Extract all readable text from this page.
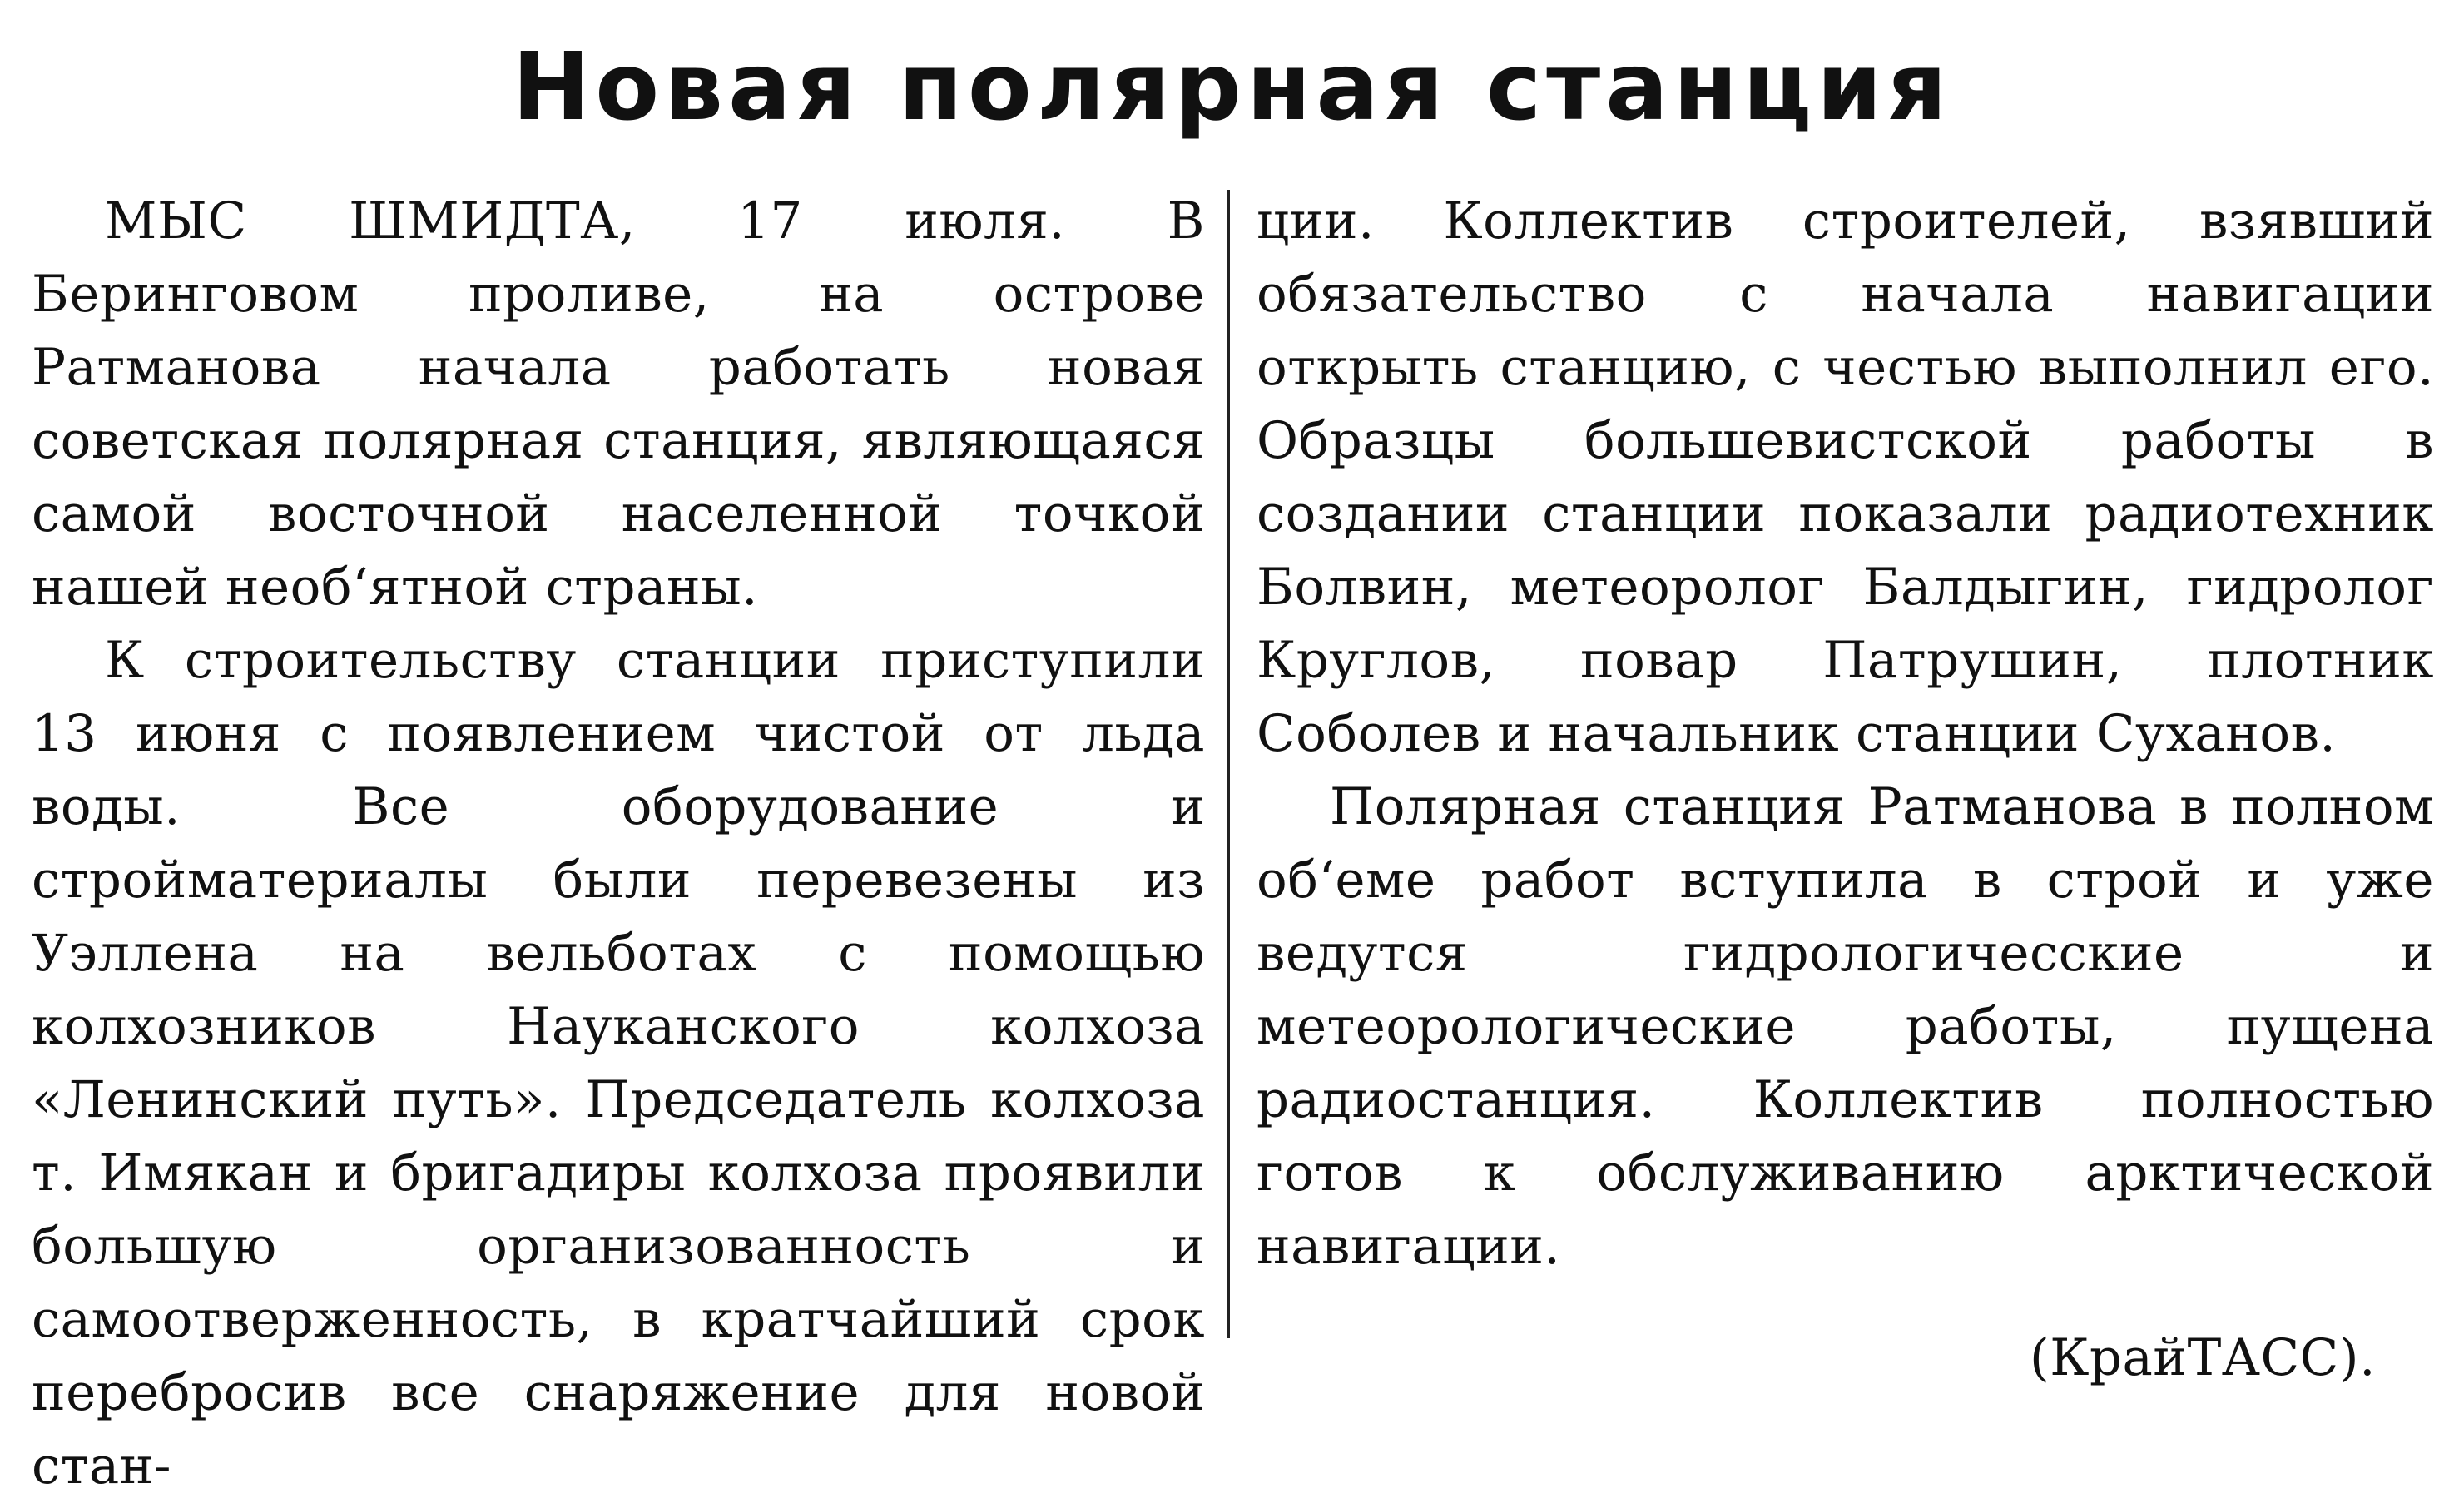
Новая полярная станция

МЫС ШМИДТА, 17 июля. В Беринговом проливе, на острове Ратманова начала работать новая советская полярная станция, являющаяся самой восточной населенной точкой нашей необ‘ятной страны.

К строительству станции приступили 13 июня с появлением чистой от льда воды. Все оборудование и стройматериалы были перевезены из Уэллена на вельботах с помощью колхозников Науканского колхоза «Ленинский путь». Председатель колхоза т. Имякан и бригадиры колхоза проявили большую организованность и самоотверженность, в кратчайший срок перебросив все снаряжение для новой стан-

ции. Коллектив строителей, взявший обязательство с начала навигации открыть станцию, с честью выполнил его. Образцы большевистской работы в создании станции показали радиотехник Болвин, метеоролог Балдыгин, гидролог Круглов, повар Патрушин, плотник Соболев и начальник станции Суханов.

Полярная станция Ратманова в полном об‘еме работ вступила в строй и уже ведутся гидрологичесские и метеорологические работы, пущена радиостанция. Коллектив полностью готов к обслуживанию арктической навигации.

(КрайТАСС).
